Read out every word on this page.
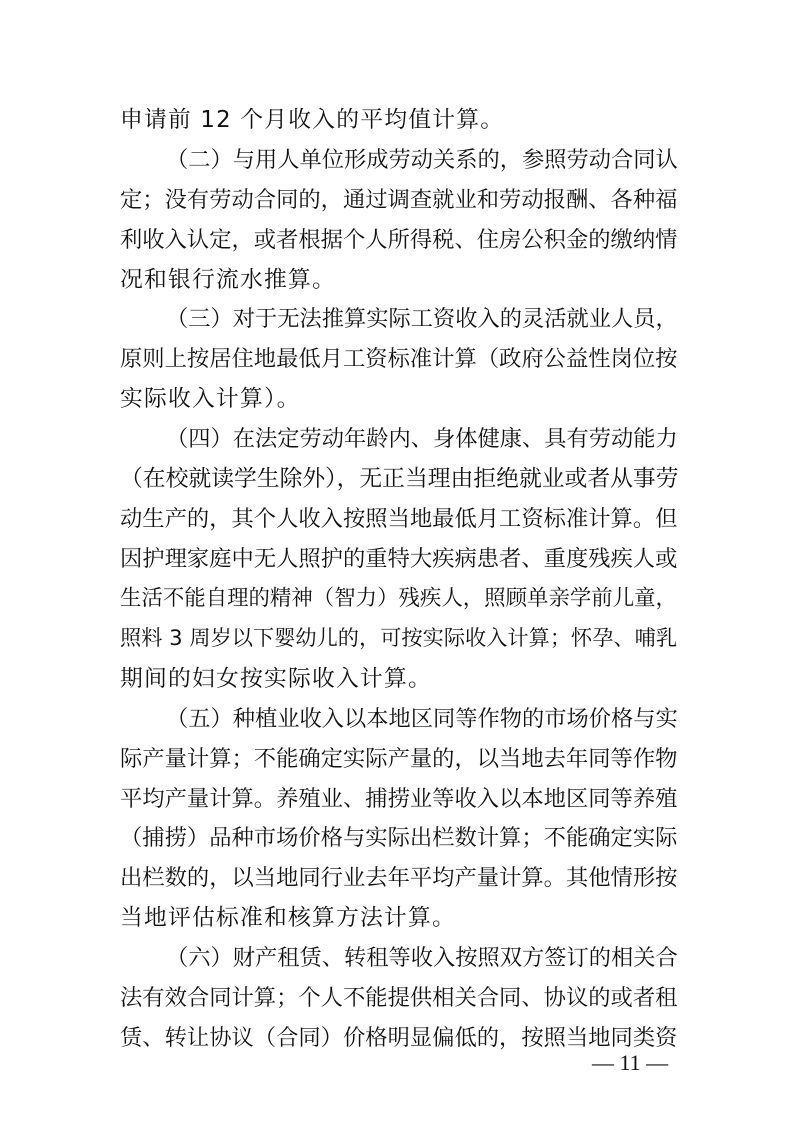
申请前 12 个月收入的平均值计算。
（二）与用人单位形成劳动关系的，参照劳动合同认
定；没有劳动合同的，通过调查就业和劳动报酬、各种福
利收入认定，或者根据个人所得税、住房公积金的缴纳情
况和银行流水推算。
（三）对于无法推算实际工资收入的灵活就业人员，
原则上按居住地最低月工资标准计算（政府公益性岗位按
实际收入计算）。
（四）在法定劳动年龄内、身体健康、具有劳动能力
（在校就读学生除外），无正当理由拒绝就业或者从事劳
动生产的，其个人收入按照当地最低月工资标准计算。但
因护理家庭中无人照护的重特大疾病患者、重度残疾人或
生活不能自理的精神（智力）残疾人，照顾单亲学前儿童，
照料 3 周岁以下婴幼儿的，可按实际收入计算；怀孕、哺乳
期间的妇女按实际收入计算。
（五）种植业收入以本地区同等作物的市场价格与实
际产量计算；不能确定实际产量的，以当地去年同等作物
平均产量计算。养殖业、捕捞业等收入以本地区同等养殖
（捕捞）品种市场价格与实际出栏数计算；不能确定实际
出栏数的，以当地同行业去年平均产量计算。其他情形按
当地评估标准和核算方法计算。
（六）财产租赁、转租等收入按照双方签订的相关合
法有效合同计算；个人不能提供相关合同、协议的或者租
赁、转让协议（合同）价格明显偏低的，按照当地同类资
— 11 —
